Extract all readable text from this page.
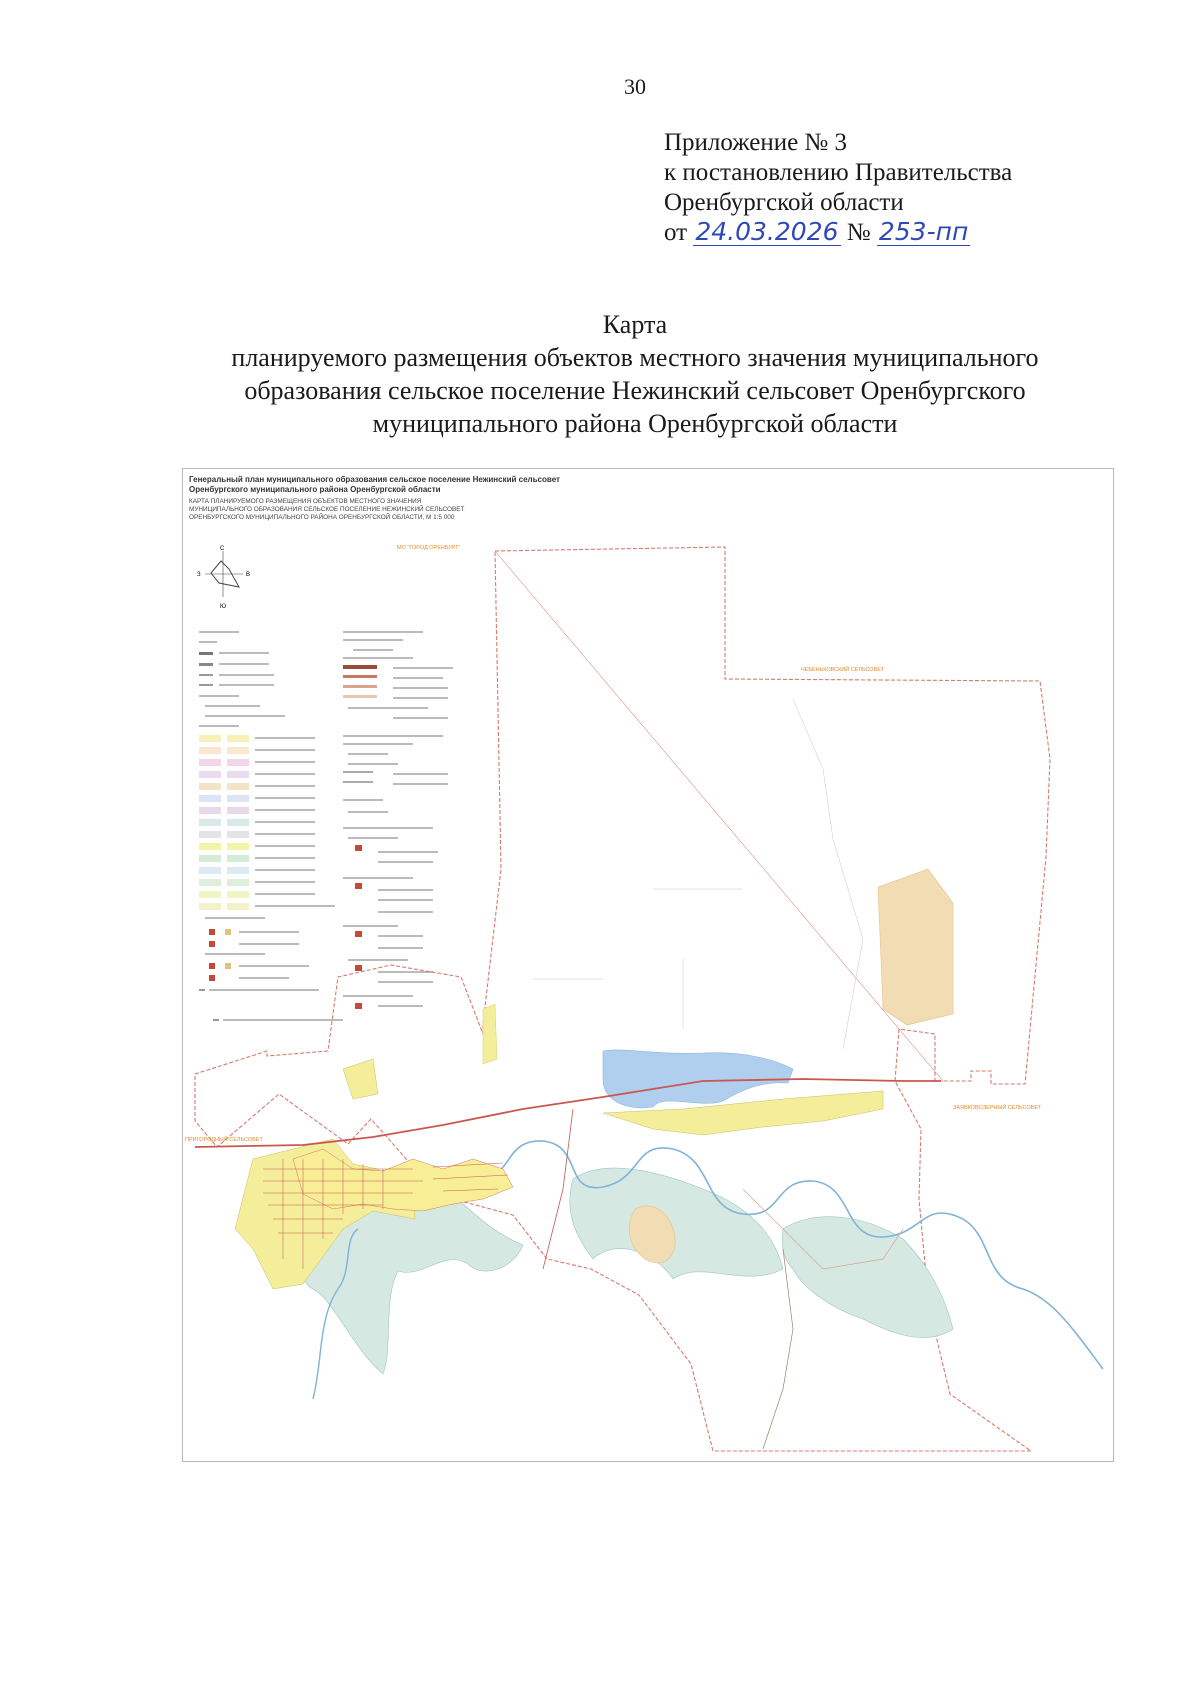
30
Приложение № 3
к постановлению Правительства
Оренбургской области
от 24.03.2026 № 253-пп
Карта
планируемого размещения объектов местного значения муниципального
образования сельское поселение Нежинский сельсовет Оренбургского
муниципального района Оренбургской области
Генеральный план муниципального образования сельское поселение Нежинский сельсовет
Оренбургского муниципального района Оренбургской области
КАРТА ПЛАНИРУЕМОГО РАЗМЕЩЕНИЯ ОБЪЕКТОВ МЕСТНОГО ЗНАЧЕНИЯ
МУНИЦИПАЛЬНОГО ОБРАЗОВАНИЯ СЕЛЬСКОЕ ПОСЕЛЕНИЕ НЕЖИНСКИЙ СЕЛЬСОВЕТ
ОРЕНБУРГСКОГО МУНИЦИПАЛЬНОГО РАЙОНА ОРЕНБУРГСКОЙ ОБЛАСТИ, М 1:5 000
С
Ю
З	В
МО "ГОРОД ОРЕНБУРГ"
ЧЕБЕНЬКОВСКИЙ СЕЛЬСОВЕТ
ПРИГОРОДНЫЙ СЕЛЬСОВЕТ
ЗАЯВКОВОЗЕРНЫЙ СЕЛЬСОВЕТ
